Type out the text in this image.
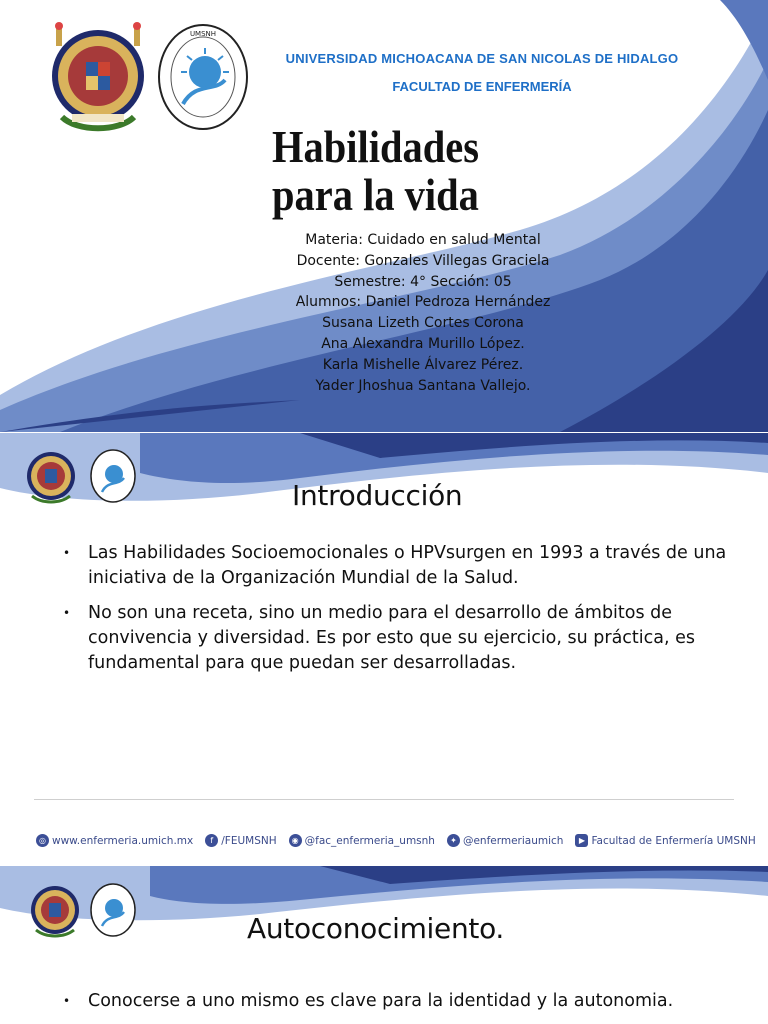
UMSNH
UNIVERSIDAD MICHOACANA DE SAN NICOLAS DE HIDALGO
FACULTAD DE ENFERMERÍA
Habilidades
para la vida
Materia: Cuidado en salud Mental
Docente: Gonzales Villegas Graciela
Semestre: 4° Sección: 05
Alumnos: Daniel Pedroza Hernández
Susana Lizeth Cortes Corona
Ana Alexandra Murillo López.
Karla Mishelle Álvarez Pérez.
Yader Jhoshua Santana Vallejo.
Introducción
• Las Habilidades Socioemocionales o HPVsurgen en 1993 a través de una iniciativa de la Organización Mundial de la Salud.
• No son una receta, sino un medio para el desarrollo de ámbitos de convivencia y diversidad. Es por esto que su ejercicio, su práctica, es fundamental para que puedan ser desarrolladas.
◎ www.enfermeria.umich.mx	f /FEUMSNH	◉ @fac_enfermeria_umsnh	✦ @enfermeriaumich	▶ Facultad de Enfermería UMSNH
Autoconocimiento.
• Conocerse a uno mismo es clave para la identidad y la autonomia.
